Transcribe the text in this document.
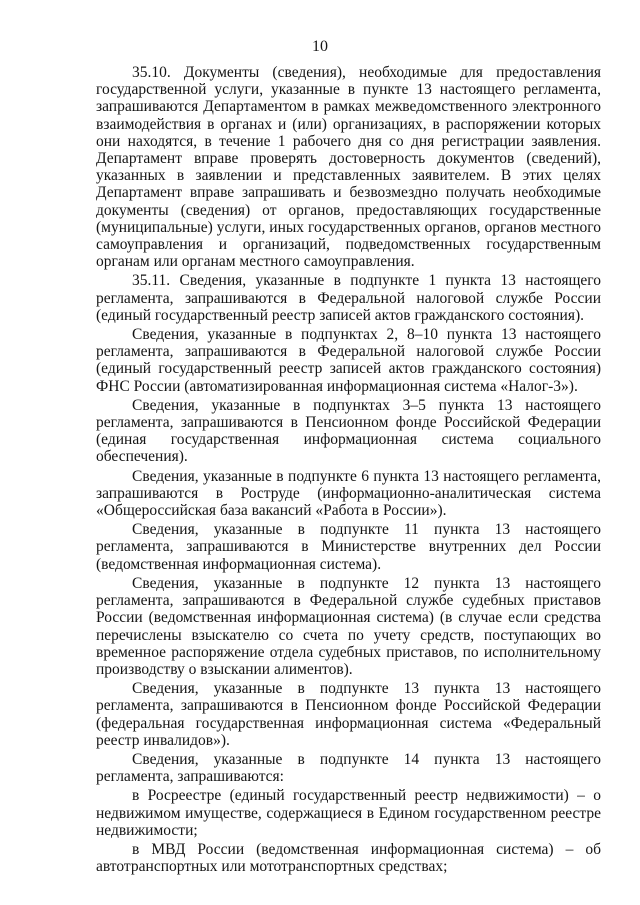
10

35.10. Документы (сведения), необходимые для предоставления государственной услуги, указанные в пункте 13 настоящего регламента, запрашиваются Департаментом в рамках межведомственного электронного взаимодействия в органах и (или) организациях, в распоряжении которых они находятся, в течение 1 рабочего дня со дня регистрации заявления. Департамент вправе проверять достоверность документов (сведений), указанных в заявлении и представленных заявителем. В этих целях Департамент вправе запрашивать и безвозмездно получать необходимые документы (сведения) от органов, предоставляющих государственные (муниципальные) услуги, иных государственных органов, органов местного самоуправления и организаций, подведомственных государственным органам или органам местного самоуправления.

35.11. Сведения, указанные в подпункте 1 пункта 13 настоящего регламента, запрашиваются в Федеральной налоговой службе России (единый государственный реестр записей актов гражданского состояния).

Сведения, указанные в подпунктах 2, 8–10 пункта 13 настоящего регламента, запрашиваются в Федеральной налоговой службе России (единый государственный реестр записей актов гражданского состояния) ФНС России (автоматизированная информационная система «Налог-3»).

Сведения, указанные в подпунктах 3–5 пункта 13 настоящего регламента, запрашиваются в Пенсионном фонде Российской Федерации (единая государственная информационная система социального обеспечения).

Сведения, указанные в подпункте 6 пункта 13 настоящего регламента, запрашиваются в Роструде (информационно-аналитическая система «Общероссийская база вакансий «Работа в России»).

Сведения, указанные в подпункте 11 пункта 13 настоящего регламента, запрашиваются в Министерстве внутренних дел России (ведомственная информационная система).

Сведения, указанные в подпункте 12 пункта 13 настоящего регламента, запрашиваются в Федеральной службе судебных приставов России (ведомственная информационная система) (в случае если средства перечислены взыскателю со счета по учету средств, поступающих во временное распоряжение отдела судебных приставов, по исполнительному производству о взыскании алиментов).

Сведения, указанные в подпункте 13 пункта 13 настоящего регламента, запрашиваются в Пенсионном фонде Российской Федерации (федеральная государственная информационная система «Федеральный реестр инвалидов»).

Сведения, указанные в подпункте 14 пункта 13 настоящего регламента, запрашиваются:

в Росреестре (единый государственный реестр недвижимости) – о недвижимом имуществе, содержащиеся в Едином государственном реестре недвижимости;

в МВД России (ведомственная информационная система) – об автотранспортных или мототранспортных средствах;
